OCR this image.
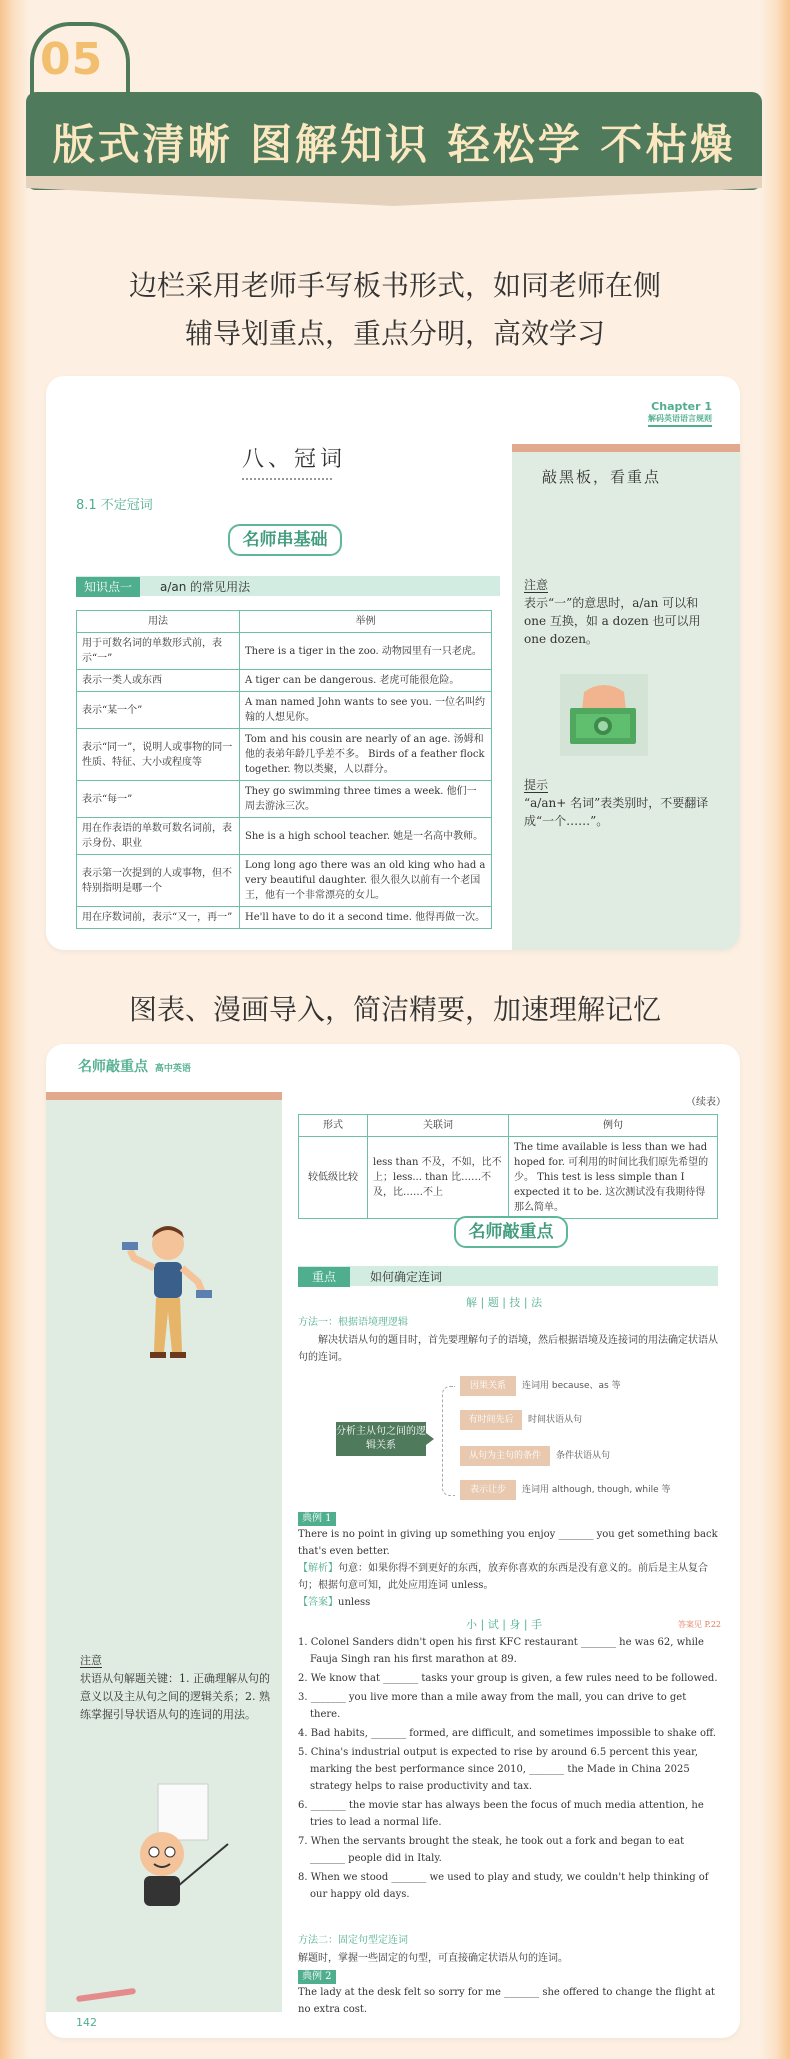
05
版式清晰 图解知识 轻松学 不枯燥
边栏采用老师手写板书形式，如同老师在侧
辅导划重点，重点分明，高效学习
Chapter 1
解码英语语言规则
敲黑板，看重点
注意
表示“一”的意思时，a/an 可以和 one 互换，如 a dozen 也可以用 one dozen。
提示
“a/an+ 名词”表类别时，不要翻译成“一个……”。
八、冠词
8.1 不定冠词
名师串基础
知识点一 a/an 的常见用法
用法	举例
用于可数名词的单数形式前，表示“一”	There is a tiger in the zoo. 动物园里有一只老虎。
表示一类人或东西	A tiger can be dangerous. 老虎可能很危险。
表示“某一个”	A man named John wants to see you. 一位名叫约翰的人想见你。
表示“同一”，说明人或事物的同一性质、特征、大小或程度等	Tom and his cousin are nearly of an age. 汤姆和他的表弟年龄几乎差不多。 Birds of a feather flock together. 物以类聚，人以群分。
表示“每一”	They go swimming three times a week. 他们一周去游泳三次。
用在作表语的单数可数名词前，表示身份、职业	She is a high school teacher. 她是一名高中教师。
表示第一次提到的人或事物，但不特别指明是哪一个	Long long ago there was an old king who had a very beautiful daughter. 很久很久以前有一个老国王，他有一个非常漂亮的女儿。
用在序数词前，表示“又一，再一”	He'll have to do it a second time. 他得再做一次。
图表、漫画导入，简洁精要，加速理解记忆
名师敲重点 高中英语
注意
状语从句解题关键：1. 正确理解从句的意义以及主从句之间的逻辑关系；2. 熟练掌握引导状语从句的连词的用法。
142
（续表）
形式	关联词	例句
较低级比较	less than 不及，不如，比不上；less... than 比……不及，比……不上	The time available is less than we had hoped for. 可利用的时间比我们原先希望的少。 This test is less simple than I expected it to be. 这次测试没有我期待得那么简单。
名师敲重点
重点	如何确定连词
解 | 题 | 技 | 法
方法一：根据语境理逻辑
解决状语从句的题目时，首先要理解句子的语境，然后根据语境及连接词的用法确定状语从句的连词。
分析主从句之间的逻辑关系
典例 1
There is no point in giving up something you enjoy _______ you get something back that's even better.
【解析】句意：如果你得不到更好的东西，放弃你喜欢的东西是没有意义的。前后是主从复合句；根据句意可知，此处应用连词 unless。
【答案】unless
小 | 试 | 身 | 手	答案见 P.22
1. Colonel Sanders didn't open his first KFC restaurant _______ he was 62, while Fauja Singh ran his first marathon at 89.
2. We know that _______ tasks your group is given, a few rules need to be followed.
3. _______ you live more than a mile away from the mall, you can drive to get there.
4. Bad habits, _______ formed, are difficult, and sometimes impossible to shake off.
5. China's industrial output is expected to rise by around 6.5 percent this year, marking the best performance since 2010, _______ the Made in China 2025 strategy helps to raise productivity and tax.
6. _______ the movie star has always been the focus of much media attention, he tries to lead a normal life.
7. When the servants brought the steak, he took out a fork and began to eat _______ people did in Italy.
8. When we stood _______ we used to play and study, we couldn't help thinking of our happy old days.
方法二：固定句型定连词
解题时，掌握一些固定的句型，可直接确定状语从句的连词。
典例 2
The lady at the desk felt so sorry for me _______ she offered to change the flight at no extra cost.
因果关系	连词用 because、as 等
有时间先后	时间状语从句
从句为主句的条件	条件状语从句
表示让步	连词用 although, though, while 等
